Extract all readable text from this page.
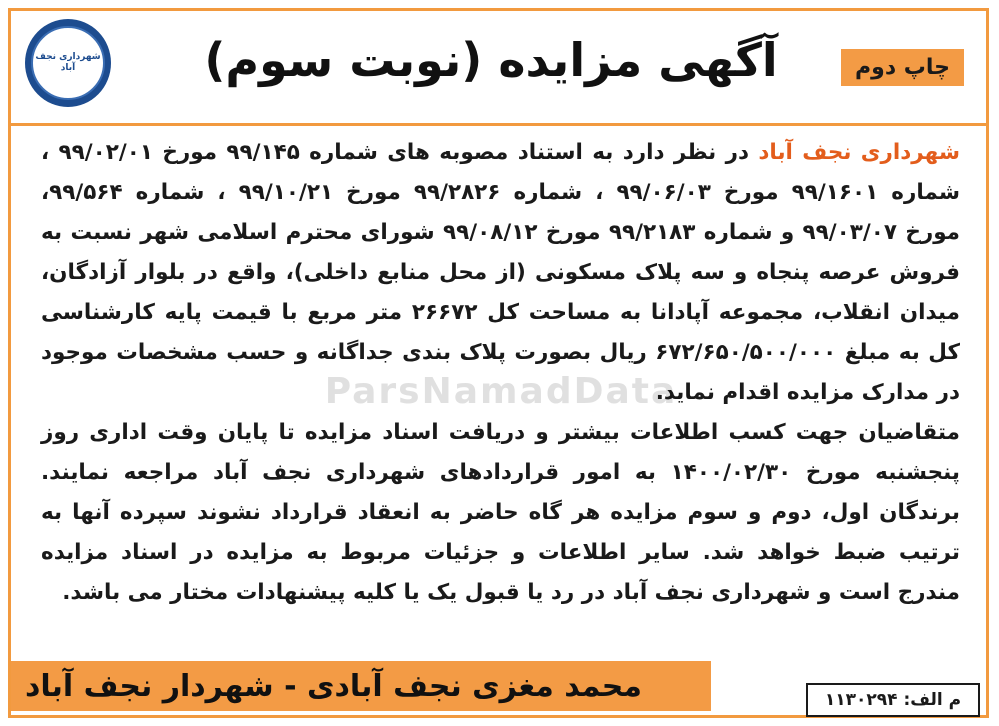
شهرداری نجف آباد	آگهی مزایده (نوبت سوم)	چاپ دوم
ParsNamadData

شهرداری نجف آباد در نظر دارد به استناد مصوبه های شماره ۹۹/۱۴۵ مورخ ۹۹/۰۲/۰۱ ، شماره ۹۹/۱۶۰۱ مورخ ۹۹/۰۶/۰۳ ، شماره ۹۹/۲۸۲۶ مورخ ۹۹/۱۰/۲۱ ، شماره ۹۹/۵۶۴، مورخ ۹۹/۰۳/۰۷ و شماره ۹۹/۲۱۸۳ مورخ ۹۹/۰۸/۱۲ شورای محترم اسلامی شهر نسبت به فروش عرصه پنجاه و سه پلاک مسکونی (از محل منابع داخلی)، واقع در بلوار آزادگان، میدان انقلاب، مجموعه آپادانا به مساحت کل ۲۶۶۷۲ متر مربع با قیمت پایه کارشناسی کل به مبلغ ۶۷۲/۶۵۰/۵۰۰/۰۰۰ ریال بصورت پلاک بندی جداگانه و حسب مشخصات موجود در مدارک مزایده اقدام نماید.

متقاضیان جهت کسب اطلاعات بیشتر و دریافت اسناد مزایده تا پایان وقت اداری روز پنجشنبه مورخ ۱۴۰۰/۰۲/۳۰ به امور قراردادهای شهرداری نجف آباد مراجعه نمایند. برندگان اول، دوم و سوم مزایده هر گاه حاضر به انعقاد قرارداد نشوند سپرده آنها به ترتیب ضبط خواهد شد. سایر اطلاعات و جزئیات مربوط به مزایده در اسناد مزایده مندرج است و شهرداری نجف آباد در رد یا قبول یک یا کلیه پیشنهادات مختار می باشد.

محمد مغزی نجف آبادی - شهردار نجف آباد	م الف: ۱۱۳۰۲۹۴
